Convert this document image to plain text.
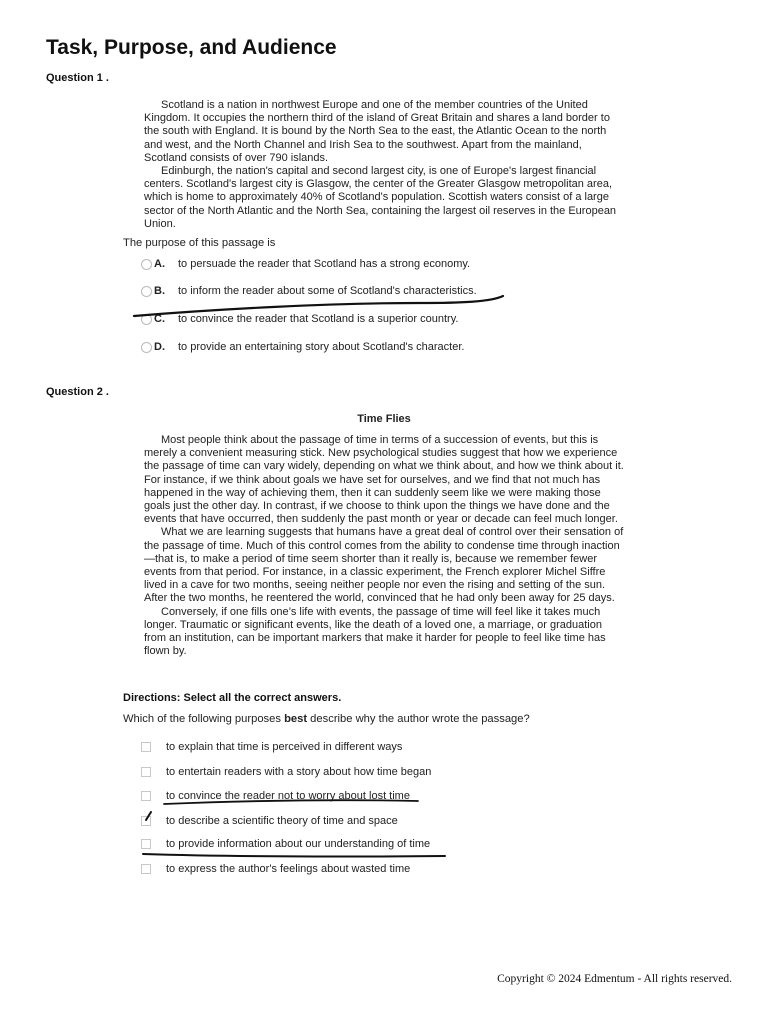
Task, Purpose, and Audience
Question 1 .

Scotland is a nation in northwest Europe and one of the member countries of the United Kingdom. It occupies the northern third of the island of Great Britain and shares a land border to the south with England. It is bound by the North Sea to the east, the Atlantic Ocean to the north and west, and the North Channel and Irish Sea to the southwest. Apart from the mainland, Scotland consists of over 790 islands.

Edinburgh, the nation's capital and second largest city, is one of Europe's largest financial centers. Scotland's largest city is Glasgow, the center of the Greater Glasgow metropolitan area, which is home to approximately 40% of Scotland's population. Scottish waters consist of a large sector of the North Atlantic and the North Sea, containing the largest oil reserves in the European Union.

The purpose of this passage is
A.	to persuade the reader that Scotland has a strong economy.
B.	to inform the reader about some of Scotland's characteristics.
C.	to convince the reader that Scotland is a superior country.
D.	to provide an entertaining story about Scotland's character.
Question 2 .
Time Flies

Most people think about the passage of time in terms of a succession of events, but this is merely a convenient measuring stick. New psychological studies suggest that how we experience the passage of time can vary widely, depending on what we think about, and how we think about it. For instance, if we think about goals we have set for ourselves, and we find that not much has happened in the way of achieving them, then it can suddenly seem like we were making those goals just the other day. In contrast, if we choose to think upon the things we have done and the events that have occurred, then suddenly the past month or year or decade can feel much longer.

What we are learning suggests that humans have a great deal of control over their sensation of the passage of time. Much of this control comes from the ability to condense time through inaction—that is, to make a period of time seem shorter than it really is, because we remember fewer events from that period. For instance, in a classic experiment, the French explorer Michel Siffre lived in a cave for two months, seeing neither people nor even the rising and setting of the sun. After the two months, he reentered the world, convinced that he had only been away for 25 days.

Conversely, if one fills one’s life with events, the passage of time will feel like it takes much longer. Traumatic or significant events, like the death of a loved one, a marriage, or graduation from an institution, can be important markers that make it harder for people to feel like time has flown by.

Directions: Select all the correct answers.
Which of the following purposes best describe why the author wrote the passage?
to explain that time is perceived in different ways
to entertain readers with a story about how time began
to convince the reader not to worry about lost time
to describe a scientific theory of time and space
to provide information about our understanding of time
to express the author's feelings about wasted time
Copyright © 2024 Edmentum - All rights reserved.
